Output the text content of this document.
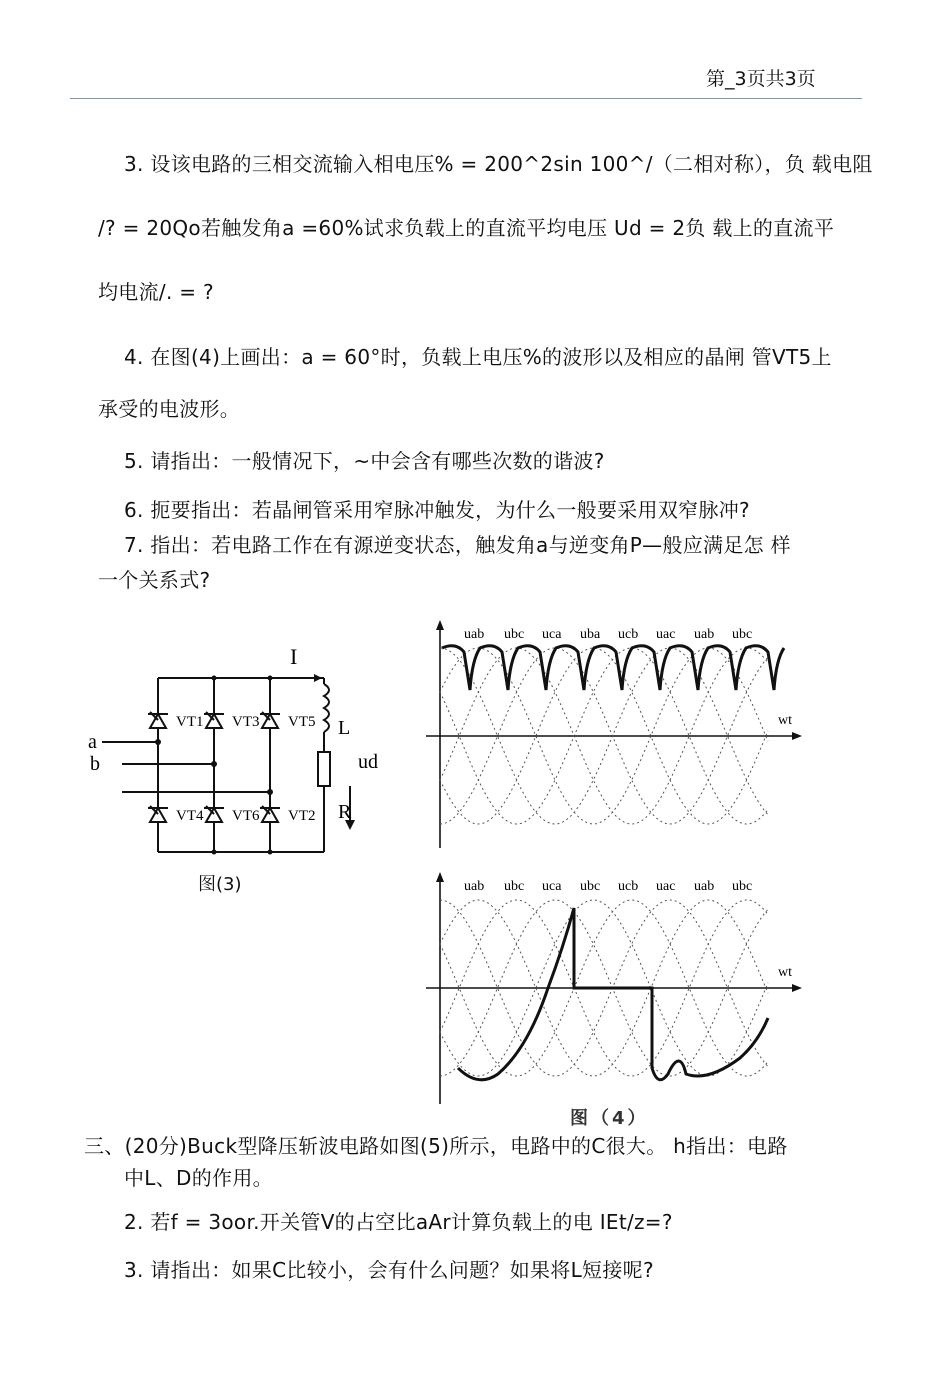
第_3页共3页
3. 设该电路的三相交流输入相电压% = 200^2sin 100^/（二相对称），负 载电阻
/? = 20Qo若触发角a =60%试求负载上的直流平均电压 Ud = 2负 载上的直流平
均电流/. = ?
4. 在图(4)上画出：a = 60°时，负载上电压%的波形以及相应的晶闸 管VT5上
承受的电波形。
5. 请指出：一般情况下，~中会含有哪些次数的谐波?
6. 扼要指出：若晶闸管采用窄脉冲触发，为什么一般要采用双窄脉冲?
7. 指出：若电路工作在有源逆变状态，触发角a与逆变角P—般应满足怎 样
一个关系式?
I
L
ud
R
a
b
VT1 VT3 VT5
VT4 VT6 VT2
图(3)
wt
uab ubc uca uba ucb uac uab ubc
wt
uab ubc uca ubc ucb uac uab ubc
图（4）
三、(20分)Buck型降压斩波电路如图(5)所示，电路中的C很大。 h指出：电路
中L、D的作用。
2. 若f = 3oor.开关管V的占空比aAr计算负载上的电 IEt/z=?
3. 请指出：如果C比较小，会有什么问题？如果将L短接呢?
